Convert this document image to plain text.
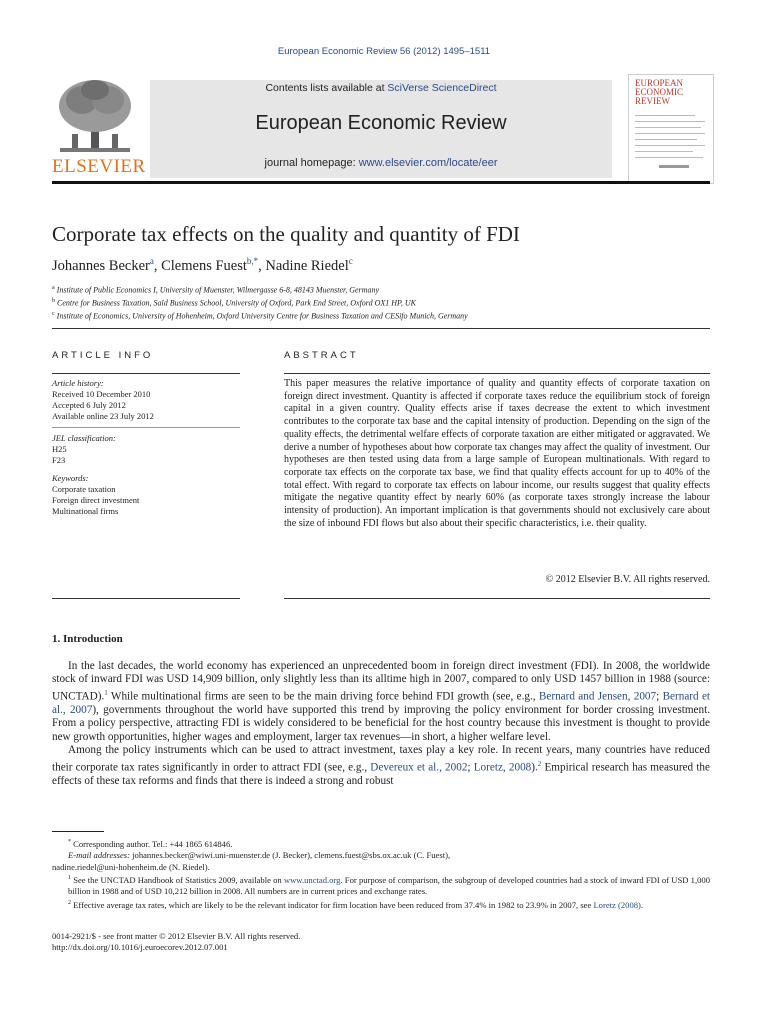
European Economic Review 56 (2012) 1495–1511
ELSEVIER
Contents lists available at SciVerse ScienceDirect
European Economic Review
journal homepage: www.elsevier.com/locate/eer
EUROPEAN ECONOMIC REVIEW
Corporate tax effects on the quality and quantity of FDI
Johannes Becker$^a$, Clemens Fuest$^{b,*}$, Nadine Riedel$^c$
$^a$ Institute of Public Economics I, University of Muenster, Wilmergasse 6-8, 48143 Muenster, Germany
$^b$ Centre for Business Taxation, Saïd Business School, University of Oxford, Park End Street, Oxford OX1 HP, UK
$^c$ Institute of Economics, University of Hohenheim, Oxford University Centre for Business Taxation and CESifo Munich, Germany
ARTICLE INFO	ABSTRACT
Article history:
Received 10 December 2010
Accepted 6 July 2012
Available online 23 July 2012
JEL classification:
H25
F23
Keywords:
Corporate taxation
Foreign direct investment
Multinational firms
This paper measures the relative importance of quality and quantity effects of corporate taxation on foreign direct investment. Quantity is affected if corporate taxes reduce the equilibrium stock of foreign capital in a given country. Quality effects arise if taxes decrease the extent to which investment contributes to the corporate tax base and the capital intensity of production. Depending on the sign of the quality effects, the detrimental welfare effects of corporate taxation are either mitigated or aggravated. We derive a number of hypotheses about how corporate tax changes may affect the quality of investment. Our hypotheses are then tested using data from a large sample of European multinationals. With regard to corporate tax effects on the corporate tax base, we find that quality effects account for up to 40% of the total effect. With regard to corporate tax effects on labour income, our results suggest that quality effects mitigate the negative quantity effect by nearly 60% (as corporate taxes strongly increase the labour intensity of production). An important implication is that governments should not exclusively care about the size of inbound FDI flows but also about their specific characteristics, i.e. their quality.
© 2012 Elsevier B.V. All rights reserved.
1. Introduction

In the last decades, the world economy has experienced an unprecedented boom in foreign direct investment (FDI). In 2008, the worldwide stock of inward FDI was USD 14,909 billion, only slightly less than its alltime high in 2007, compared to only USD 1457 billion in 1988 (source: UNCTAD).$^1$ While multinational firms are seen to be the main driving force behind FDI growth (see, e.g., Bernard and Jensen, 2007; Bernard et al., 2007), governments throughout the world have supported this trend by improving the policy environment for border crossing investment. From a policy perspective, attracting FDI is widely considered to be beneficial for the host country because this investment is thought to provide new growth opportunities, higher wages and employment, larger tax revenues—in short, a higher welfare level.

Among the policy instruments which can be used to attract investment, taxes play a key role. In recent years, many countries have reduced their corporate tax rates significantly in order to attract FDI (see, e.g., Devereux et al., 2002; Loretz, 2008).$^2$ Empirical research has measured the effects of these tax reforms and finds that there is indeed a strong and robust

* Corresponding author. Tel.: +44 1865 614846.

E-mail addresses: johannes.becker@wiwi.uni-muenster.de (J. Becker), clemens.fuest@sbs.ox.ac.uk (C. Fuest),

nadine.riedel@uni-hohenheim.de (N. Riedel).

$^1$ See the UNCTAD Handbook of Statistics 2009, available on www.unctad.org. For purpose of comparison, the subgroup of developed countries had a stock of inward FDI of USD 1,000 billion in 1988 and of USD 10,212 billion in 2008. All numbers are in current prices and exchange rates.

$^2$ Effective average tax rates, which are likely to be the relevant indicator for firm location have been reduced from 37.4% in 1982 to 23.9% in 2007, see Loretz (2008).

0014-2921/$ - see front matter © 2012 Elsevier B.V. All rights reserved.
http://dx.doi.org/10.1016/j.euroecorev.2012.07.001
